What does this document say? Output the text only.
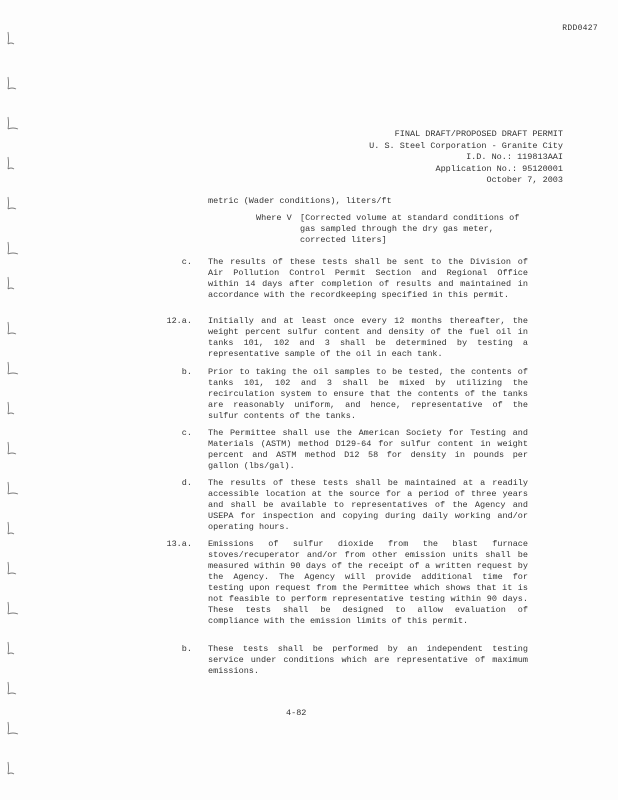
RDD0427
FINAL DRAFT/PROPOSED DRAFT PERMIT
U. S. Steel Corporation - Granite City
I.D. No.: 119813AAI
Application No.: 95120001
October 7, 2003
metric (Wader conditions), liters/ft
Where V [Corrected volume at standard conditions of gas sampled through the dry gas meter, corrected liters]
c. The results of these tests shall be sent to the Division of Air Pollution Control Permit Section and Regional Office within 14 days after completion of results and maintained in accordance with the recordkeeping specified in this permit.
12.a. Initially and at least once every 12 months thereafter, the weight percent sulfur content and density of the fuel oil in tanks 101, 102 and 3 shall be determined by testing a representative sample of the oil in each tank.
b. Prior to taking the oil samples to be tested, the contents of tanks 101, 102 and 3 shall be mixed by utilizing the recirculation system to ensure that the contents of the tanks are reasonably uniform, and hence, representative of the sulfur contents of the tanks.
c. The Permittee shall use the American Society for Testing and Materials (ASTM) method D129-64 for sulfur content in weight percent and ASTM method D12 58 for density in pounds per gallon (lbs/gal).
d. The results of these tests shall be maintained at a readily accessible location at the source for a period of three years and shall be available to representatives of the Agency and USEPA for inspection and copying during daily working and/or operating hours.
13.a. Emissions of sulfur dioxide from the blast furnace stoves/recuperator and/or from other emission units shall be measured within 90 days of the receipt of a written request by the Agency. The Agency will provide additional time for testing upon request from the Permittee which shows that it is not feasible to perform representative testing within 90 days. These tests shall be designed to allow evaluation of compliance with the emission limits of this permit.
b. These tests shall be performed by an independent testing service under conditions which are representative of maximum emissions.
4-82
